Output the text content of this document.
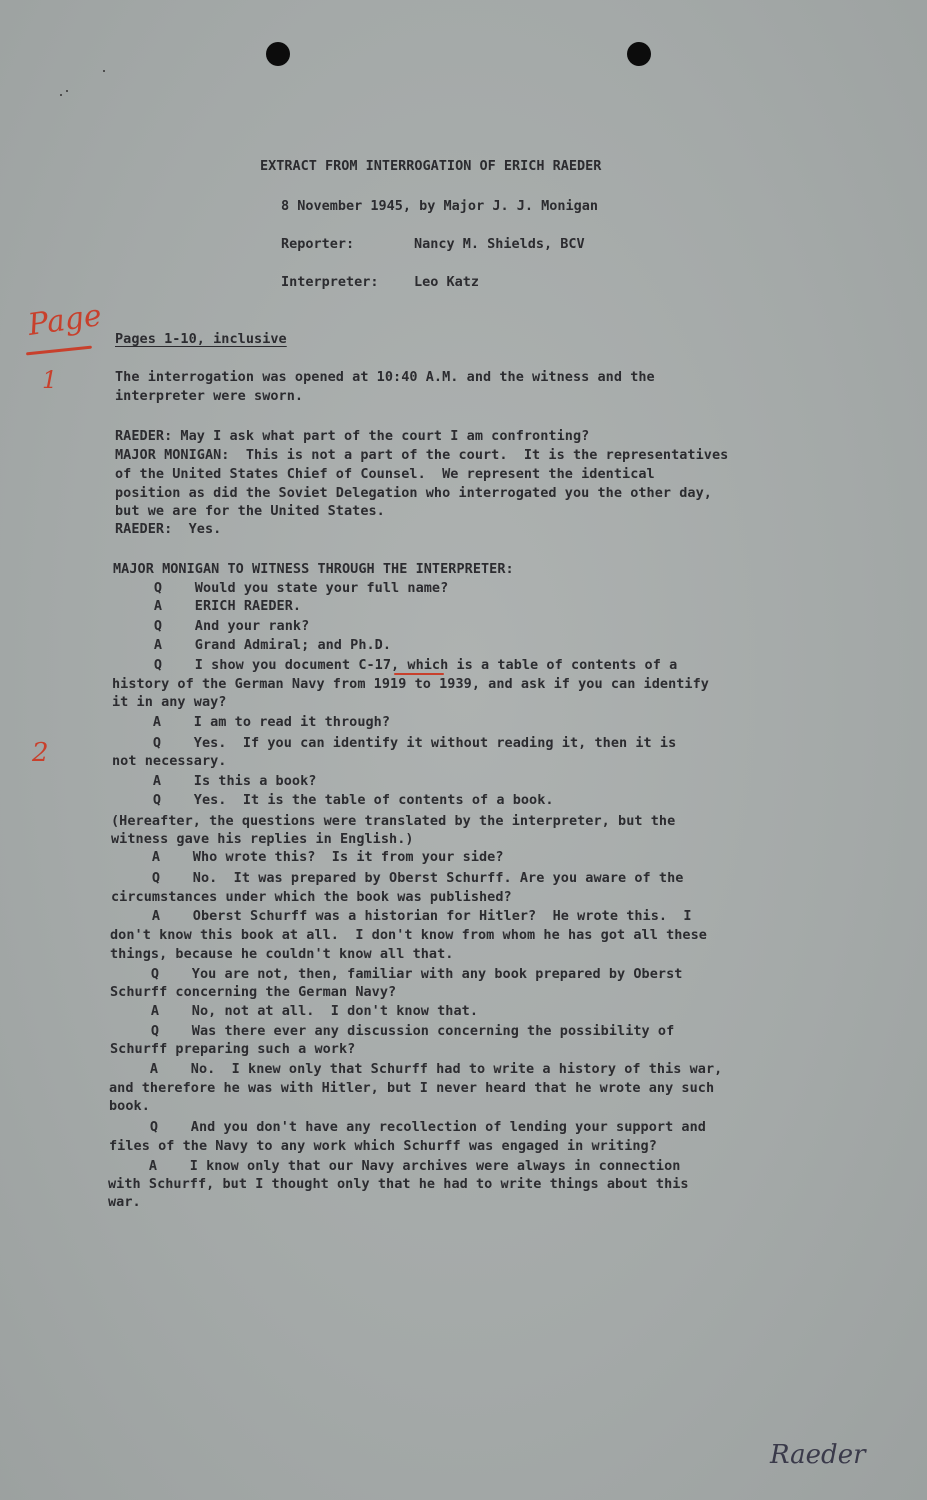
EXTRACT FROM INTERROGATION OF ERICH RAEDER
8 November 1945, by Major J. J. Monigan
Reporter:	Nancy M. Shields, BCV
Interpreter:	Leo Katz
Page
1
2
Pages 1-10, inclusive
The interrogation was opened at 10:40 A.M. and the witness and the
interpreter were sworn.
RAEDER: May I ask what part of the court I am confronting?
MAJOR MONIGAN:  This is not a part of the court.  It is the representatives
of the United States Chief of Counsel.  We represent the identical
position as did the Soviet Delegation who interrogated you the other day,
but we are for the United States.
RAEDER:  Yes.
MAJOR MONIGAN TO WITNESS THROUGH THE INTERPRETER:
Q    Would you state your full name?
A    ERICH RAEDER.
Q    And your rank?
A    Grand Admiral; and Ph.D.
Q    I show you document C-17, which is a table of contents of a
history of the German Navy from 1919 to 1939, and ask if you can identify
it in any way?
A    I am to read it through?
Q    Yes.  If you can identify it without reading it, then it is
not necessary.
A    Is this a book?
Q    Yes.  It is the table of contents of a book.
(Hereafter, the questions were translated by the interpreter, but the
witness gave his replies in English.)
A    Who wrote this?  Is it from your side?
Q    No.  It was prepared by Oberst Schurff. Are you aware of the
circumstances under which the book was published?
A    Oberst Schurff was a historian for Hitler?  He wrote this.  I
don't know this book at all.  I don't know from whom he has got all these
things, because he couldn't know all that.
Q    You are not, then, familiar with any book prepared by Oberst
Schurff concerning the German Navy?
A    No, not at all.  I don't know that.
Q    Was there ever any discussion concerning the possibility of
Schurff preparing such a work?
A    No.  I knew only that Schurff had to write a history of this war,
and therefore he was with Hitler, but I never heard that he wrote any such
book.
Q    And you don't have any recollection of lending your support and
files of the Navy to any work which Schurff was engaged in writing?
A    I know only that our Navy archives were always in connection
with Schurff, but I thought only that he had to write things about this
war.
Raeder
